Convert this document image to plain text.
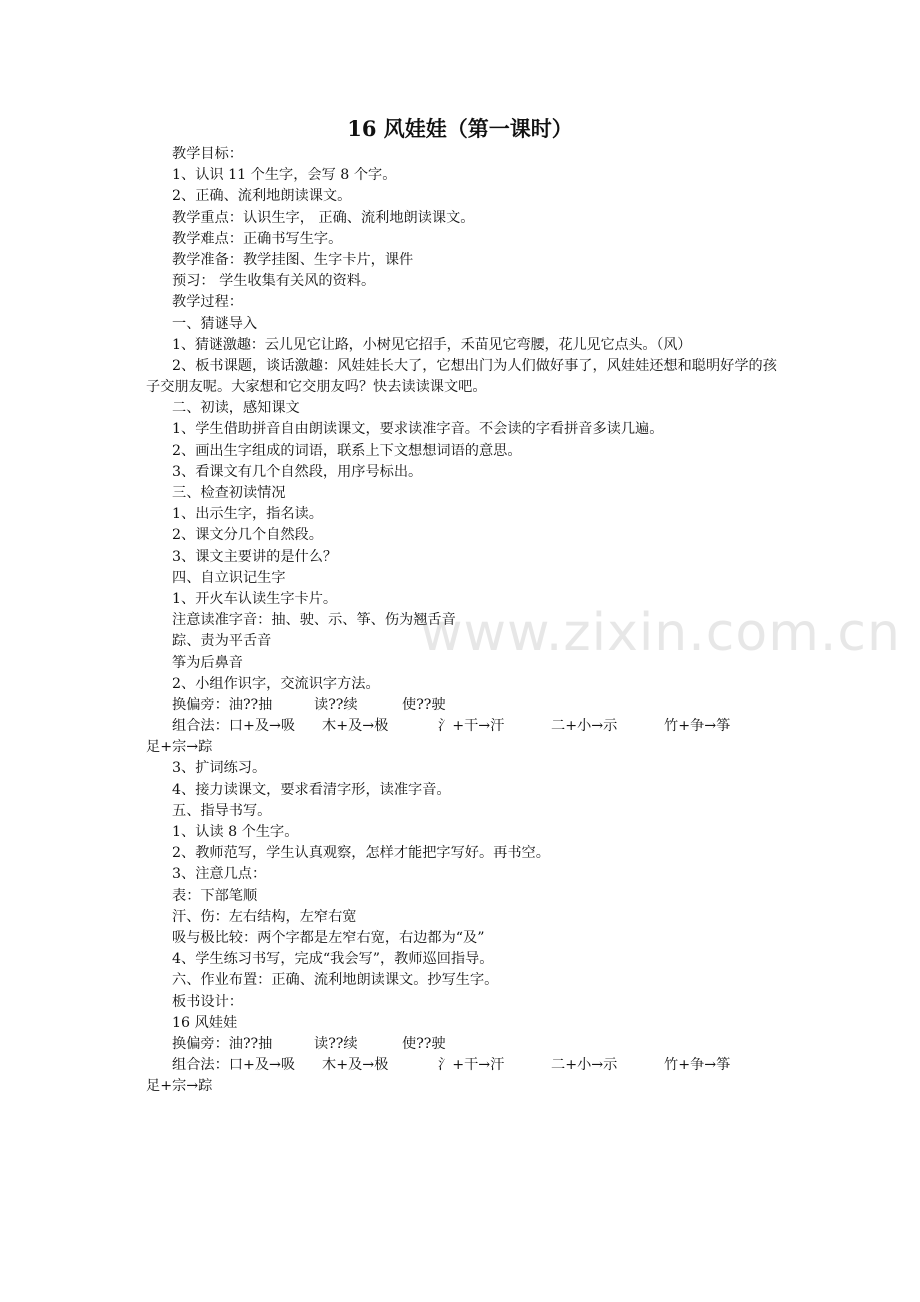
16 风娃娃（第一课时）
教学目标：
1、认识 11 个生字，会写 8 个字。
2、正确、流利地朗读课文。
教学重点：认识生字， 正确、流利地朗读课文。
教学难点：正确书写生字。
教学准备：教学挂图、生字卡片，课件
预习： 学生收集有关风的资料。
教学过程：
一、猜谜导入
1、猜谜激趣：云儿见它让路，小树见它招手，禾苗见它弯腰，花儿见它点头。（风）
2、板书课题，谈话激趣：风娃娃长大了，它想出门为人们做好事了，风娃娃还想和聪明好学的孩子交朋友呢。大家想和它交朋友吗？快去读读课文吧。
二、初读，感知课文
1、学生借助拼音自由朗读课文，要求读准字音。不会读的字看拼音多读几遍。
2、画出生字组成的词语，联系上下文想想词语的意思。
3、看课文有几个自然段，用序号标出。
三、检查初读情况
1、出示生字，指名读。
2、课文分几个自然段。
3、课文主要讲的是什么？
四、自立识记生字
1、开火车认读生字卡片。
注意读准字音：抽、驶、示、筝、伤为翘舌音
踪、责为平舌音
筝为后鼻音
2、小组作识字，交流识字方法。
换偏旁：油??抽	读??续	使??驶
组合法：口+及→吸	木+及→极	氵+干→汗	二+小→示	竹+争→筝
足+宗→踪
3、扩词练习。
4、接力读课文，要求看清字形，读准字音。
五、指导书写。
1、认读 8 个生字。
2、教师范写，学生认真观察，怎样才能把字写好。再书空。
3、注意几点：
表：下部笔顺
汗、伤：左右结构，左窄右宽
吸与极比较：两个字都是左窄右宽，右边都为“及”
4、学生练习书写，完成“我会写”，教师巡回指导。
六、作业布置：正确、流利地朗读课文。抄写生字。
板书设计：
16 风娃娃
换偏旁：油??抽	读??续	使??驶
组合法：口+及→吸	木+及→极	氵+干→汗	二+小→示	竹+争→筝
足+宗→踪
www.zixin.com.cn
